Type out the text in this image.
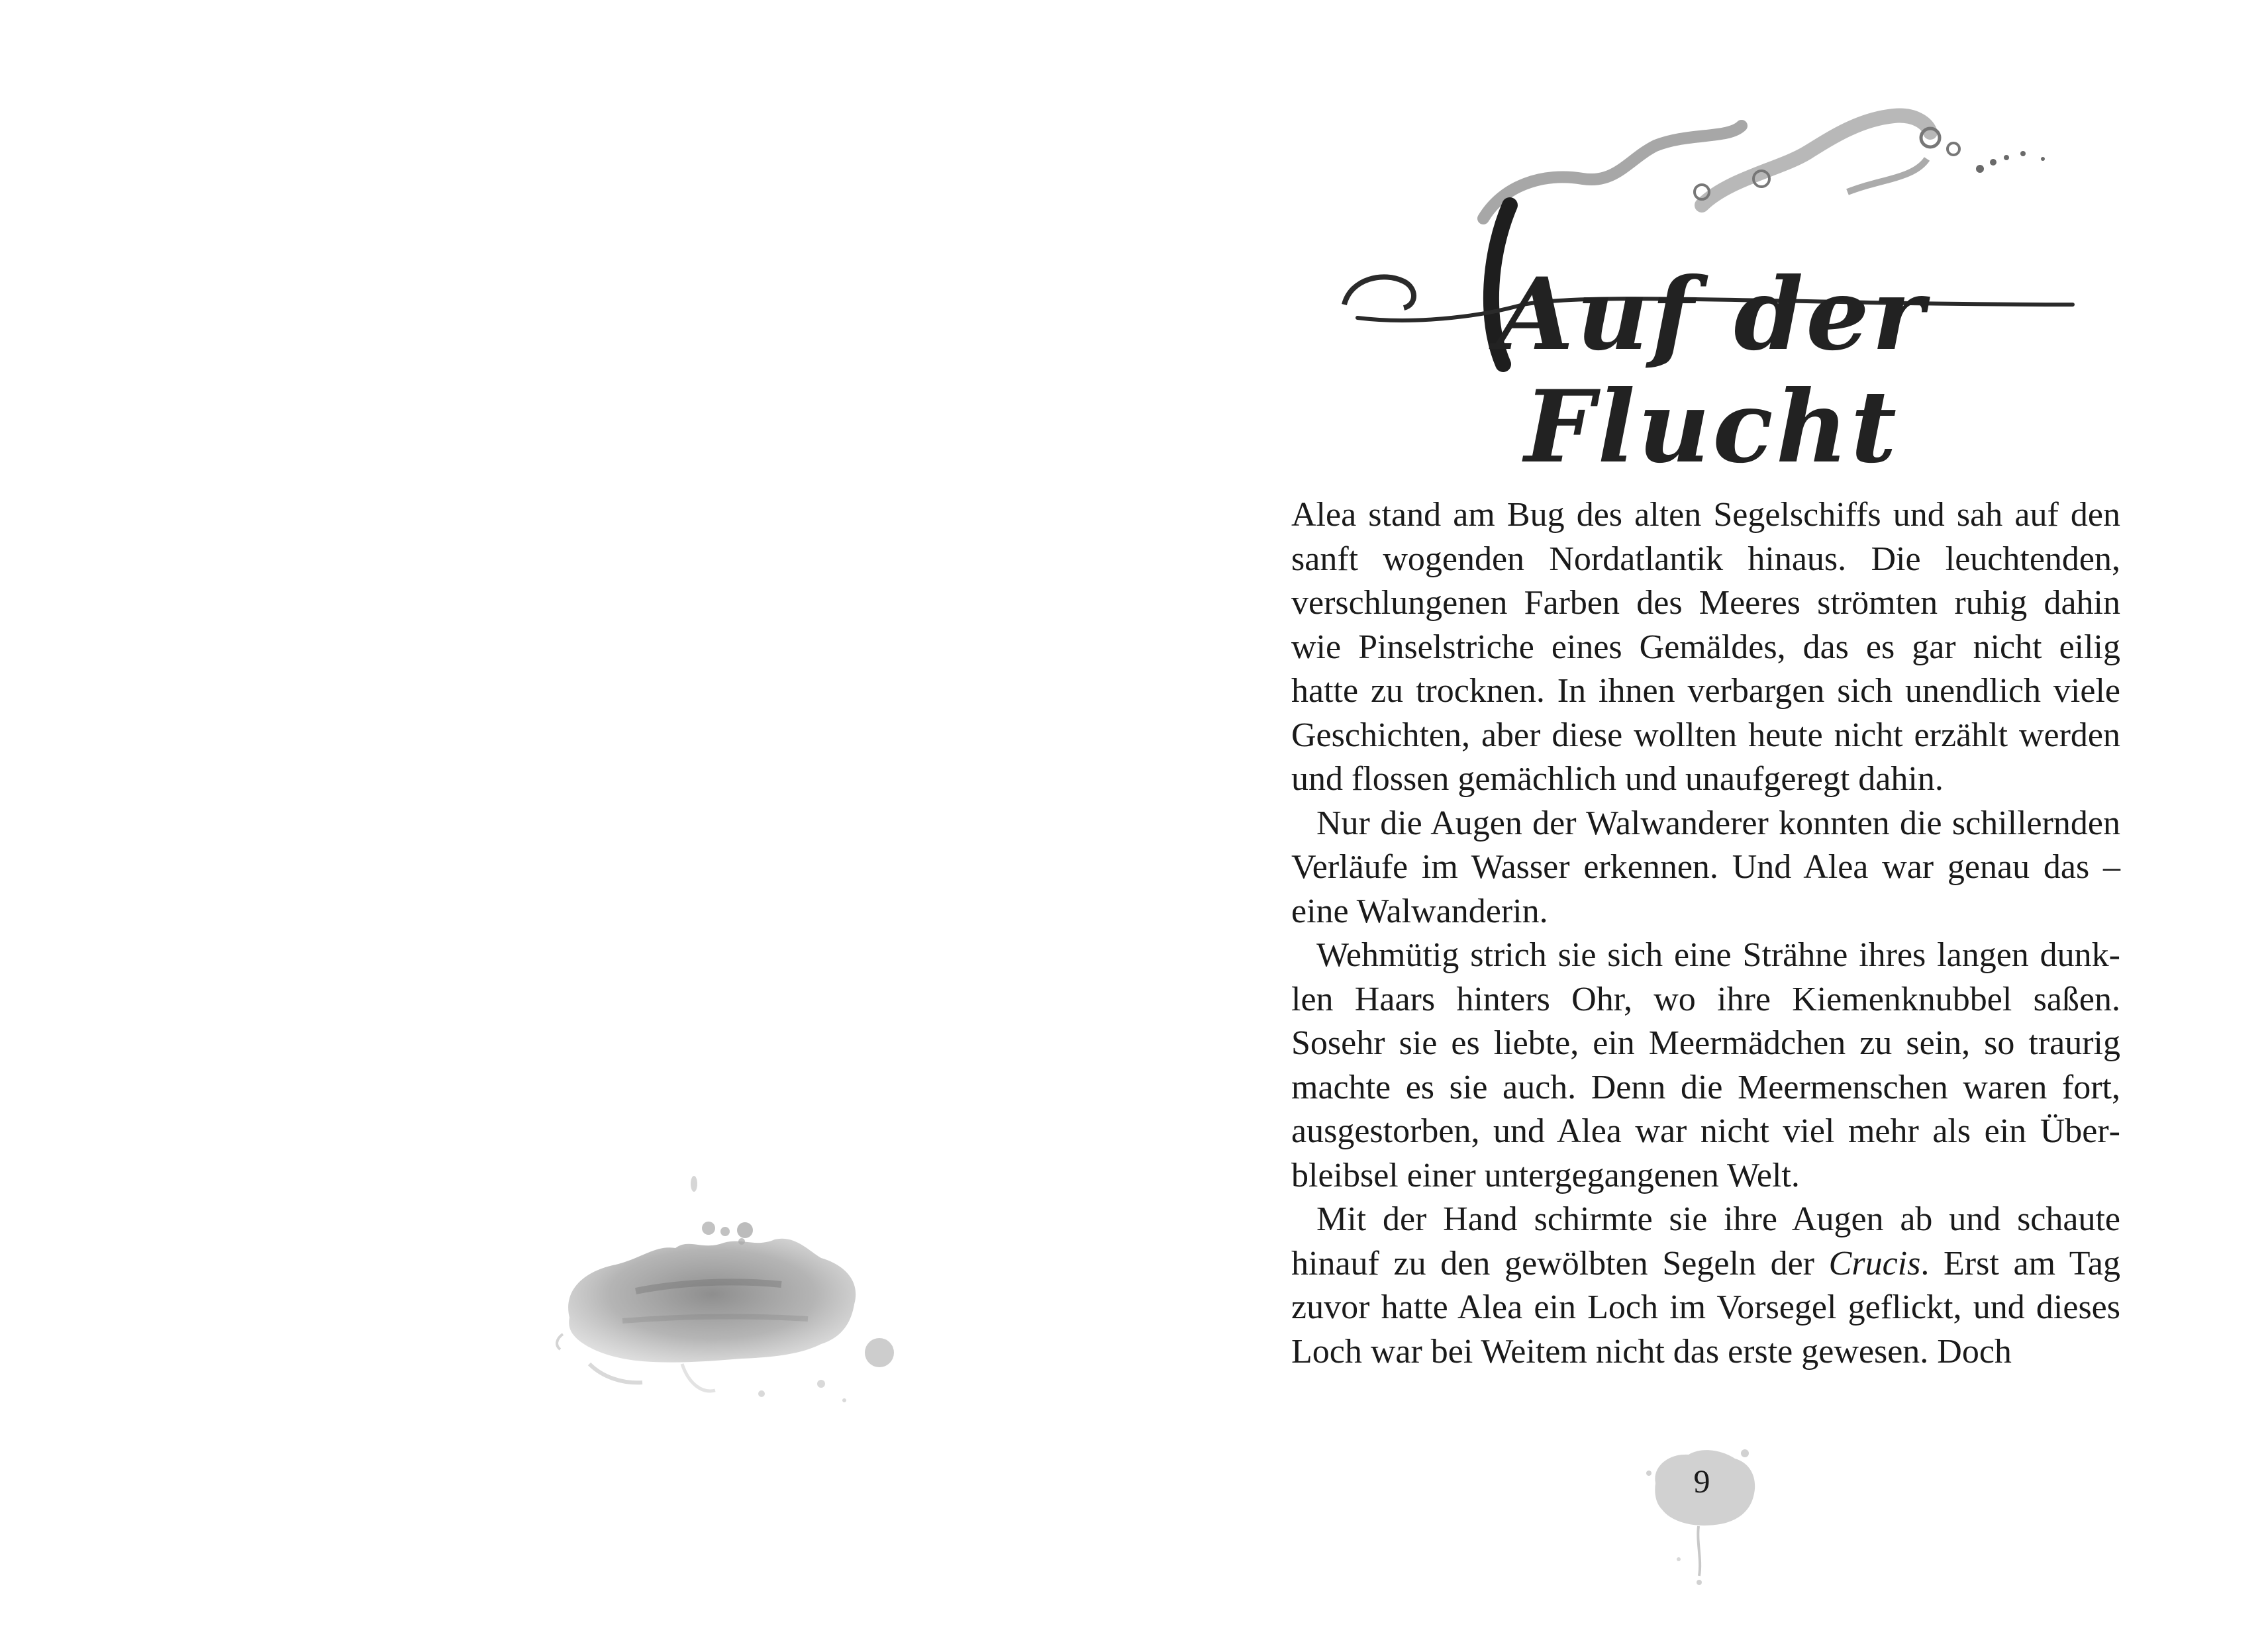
Auf der Flucht

Alea stand am Bug des alten Segelschiffs und sah auf den sanft wogenden Nordatlantik hinaus. Die leuchtenden, verschlungenen Farben des Meeres strömten ruhig dahin wie Pinselstriche eines Gemäldes, das es gar nicht eilig hatte zu trocknen. In ihnen verbargen sich unendlich viele Geschichten, aber diese wollten heute nicht erzählt werden und flossen gemächlich und unaufgeregt dahin.

Nur die Augen der Walwanderer konnten die schillernden Verläufe im Wasser erkennen. Und Alea war genau das – eine Walwanderin.

Wehmütig strich sie sich eine Strähne ihres langen dunklen Haars hinters Ohr, wo ihre Kiemenknubbel saßen. Sosehr sie es liebte, ein Meermädchen zu sein, so traurig machte es sie auch. Denn die Meermenschen waren fort, ausgestorben, und Alea war nicht viel mehr als ein Überbleibsel einer untergegangenen Welt.

Mit der Hand schirmte sie ihre Augen ab und schaute hinauf zu den gewölbten Segeln der Crucis. Erst am Tag zuvor hatte Alea ein Loch im Vorsegel geflickt, und dieses Loch war bei Weitem nicht das erste gewesen. Doch

9
